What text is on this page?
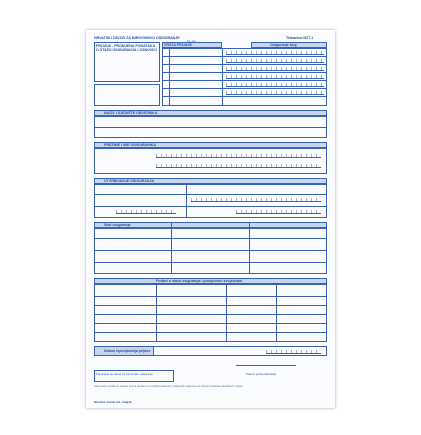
HRVATSKI ZAVOD ZA MIROVINSKO OSIGURANJE	Tiskanica HZT-1
PRIJAVA - PROMJENA PODATAKA O STAŽU OSIGURANJA I OSNOVICI
VRSTA PRIJAVE	Osiguranje broj
NAZIV I SJEDIŠTE OBVEZNIKA
PREZIME I IME OSIGURANIKA
UTVRĐIVANJE OSIGURANJA
Staž osiguranja
Podaci o stažu osiguranja i prosječnim svojstvima
Datum ispunjavanja prijave
Popunjava se zavod za mirovinsko osiguranje	Potpis i pečat prijavitelja
Napomena: podaci se upisuju prema uputama na poleđini tiskanice. Osiguranik odgovara za točnost podataka navedenih u prijavi.
Narodne novine d.d., Zagreb
